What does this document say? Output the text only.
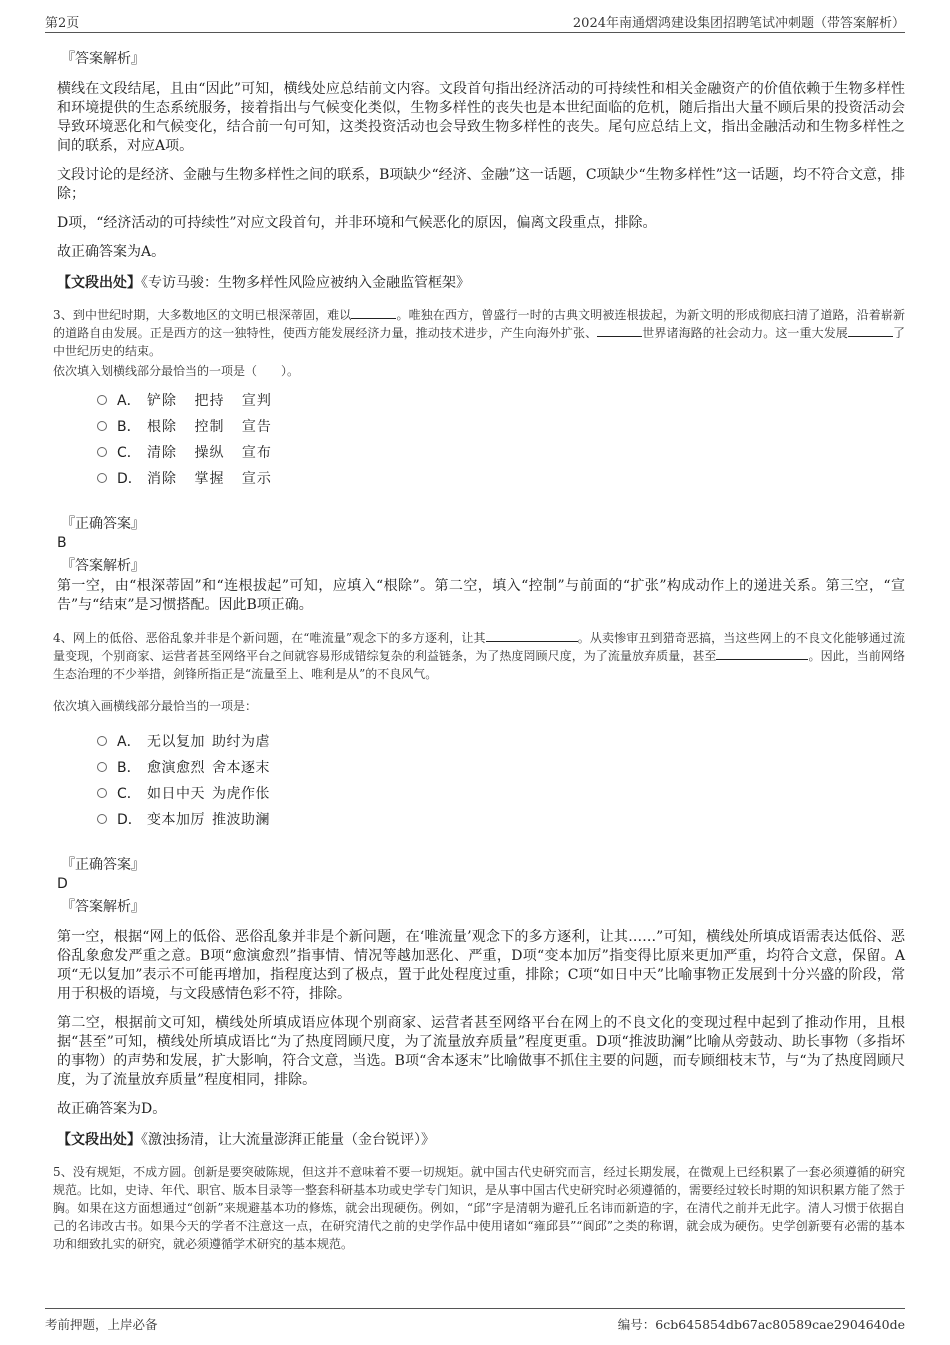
第2页	2024年南通熠鸿建设集团招聘笔试冲刺题（带答案解析）
『答案解析』

横线在文段结尾，且由“因此”可知，横线处应总结前文内容。文段首句指出经济活动的可持续性和相关金融资产的价值依赖于生物多样性和环境提供的生态系统服务，接着指出与气候变化类似，生物多样性的丧失也是本世纪面临的危机，随后指出大量不顾后果的投资活动会导致环境恶化和气候变化，结合前一句可知，这类投资活动也会导致生物多样性的丧失。尾句应总结上文，指出金融活动和生物多样性之间的联系，对应A项。

文段讨论的是经济、金融与生物多样性之间的联系，B项缺少“经济、金融”这一话题，C项缺少“生物多样性”这一话题，均不符合文意，排除；

D项，“经济活动的可持续性”对应文段首句，并非环境和气候恶化的原因，偏离文段重点，排除。

故正确答案为A。

【文段出处】《专访马骏：生物多样性风险应被纳入金融监管框架》
3、到中世纪时期，大多数地区的文明已根深蒂固，难以	。唯独在西方，曾盛行一时的古典文明被连根拔起，为新文明的形成彻底扫清了道路，沿着崭新的道路自由发展。正是西方的这一独特性，使西方能发展经济力量，推动技术进步，产生向海外扩张、	世界诸海路的社会动力。这一重大发展	了中世纪历史的结束。
依次填入划横线部分最恰当的一项是（　　）。
A． 铲除 把持 宣判
B． 根除 控制 宣告
C． 清除 操纵 宣布
D． 消除 掌握 宣示
『正确答案』
B
『答案解析』

第一空，由“根深蒂固”和“连根拔起”可知，应填入“根除”。第二空，填入“控制”与前面的“扩张”构成动作上的递进关系。第三空，“宣告”与“结束”是习惯搭配。因此B项正确。

4、网上的低俗、恶俗乱象并非是个新问题，在“唯流量”观念下的多方逐利，让其	。从卖惨审丑到猎奇恶搞，当这些网上的不良文化能够通过流量变现，个别商家、运营者甚至网络平台之间就容易形成错综复杂的利益链条，为了热度罔顾尺度，为了流量放弃质量，甚至	。因此，当前网络生态治理的不少举措，剑锋所指正是“流量至上、唯利是从”的不良风气。
依次填入画横线部分最恰当的一项是：
A． 无以复加 助纣为虐
B． 愈演愈烈 舍本逐末
C． 如日中天 为虎作伥
D． 变本加厉 推波助澜
『正确答案』
D
『答案解析』

第一空，根据“网上的低俗、恶俗乱象并非是个新问题，在‘唯流量’观念下的多方逐利，让其……”可知，横线处所填成语需表达低俗、恶俗乱象愈发严重之意。B项“愈演愈烈”指事情、情况等越加恶化、严重，D项“变本加厉”指变得比原来更加严重，均符合文意，保留。A项“无以复加”表示不可能再增加，指程度达到了极点，置于此处程度过重，排除；C项“如日中天”比喻事物正发展到十分兴盛的阶段，常用于积极的语境，与文段感情色彩不符，排除。

第二空，根据前文可知，横线处所填成语应体现个别商家、运营者甚至网络平台在网上的不良文化的变现过程中起到了推动作用，且根据“甚至”可知，横线处所填成语比“为了热度罔顾尺度，为了流量放弃质量”程度更重。D项“推波助澜”比喻从旁鼓动、助长事物（多指坏的事物）的声势和发展，扩大影响，符合文意，当选。B项“舍本逐末”比喻做事不抓住主要的问题，而专顾细枝末节，与“为了热度罔顾尺度，为了流量放弃质量”程度相同，排除。

故正确答案为D。

【文段出处】《激浊扬清，让大流量澎湃正能量（金台锐评）》
5、没有规矩，不成方圆。创新是要突破陈规，但这并不意味着不要一切规矩。就中国古代史研究而言，经过长期发展，在微观上已经积累了一套必须遵循的研究规范。比如，史诗、年代、职官、版本目录等一整套科研基本功或史学专门知识，是从事中国古代史研究时必须遵循的，需要经过较长时期的知识积累方能了然于胸。如果在这方面想通过“创新”来规避基本功的修炼，就会出现硬伤。例如，“邱”字是清朝为避孔丘名讳而新造的字，在清代之前并无此字。清人习惯于依据自己的名讳改古书。如果今天的学者不注意这一点，在研究清代之前的史学作品中使用诸如“雍邱县”“阆邱”之类的称谓，就会成为硬伤。史学创新要有必需的基本功和细致扎实的研究，就必须遵循学术研究的基本规范。
考前押题，上岸必备	编号：6cb645854db67ac80589cae2904640de
